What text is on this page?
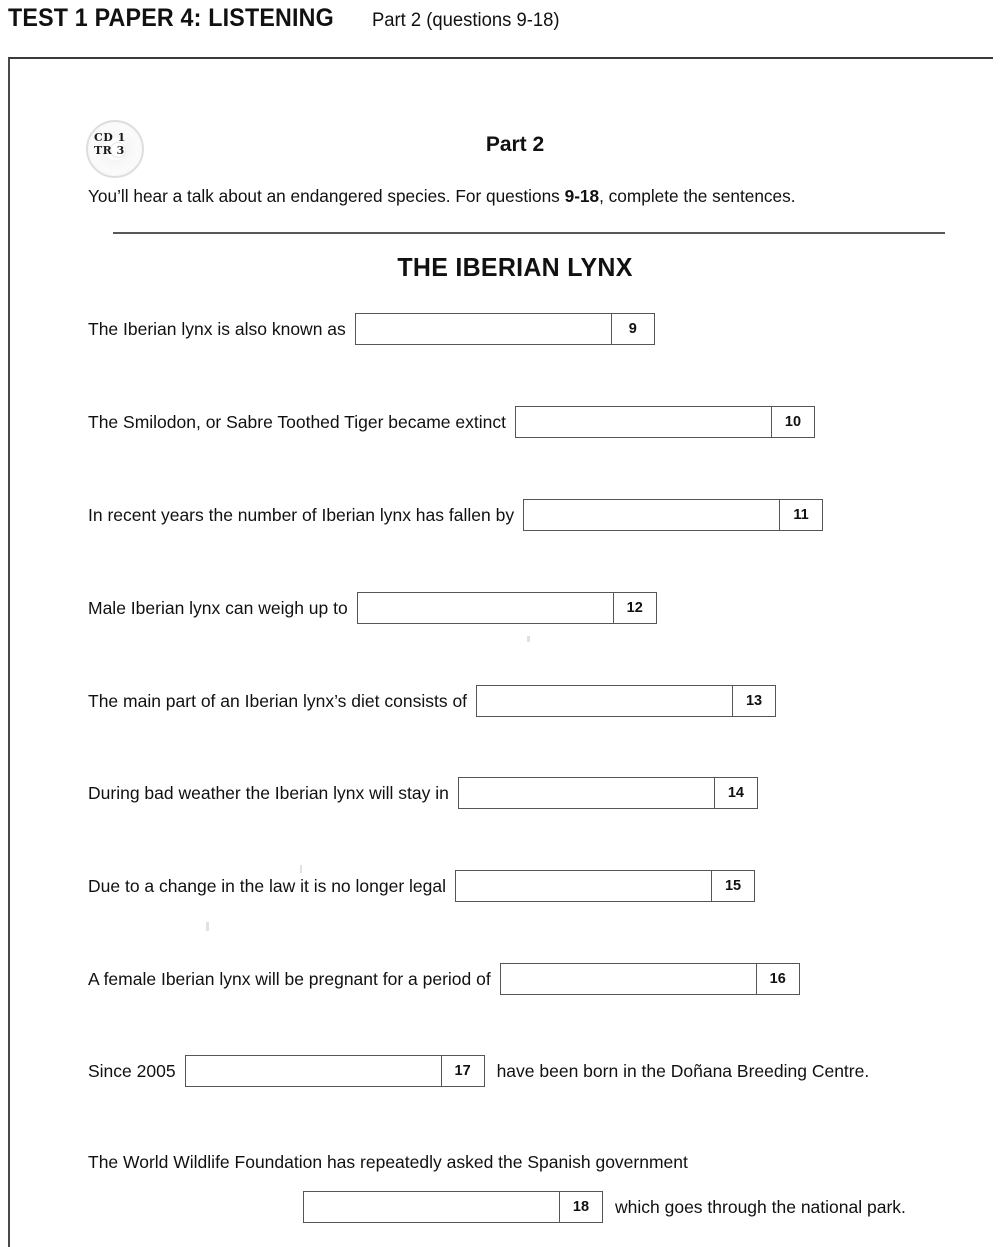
TEST 1 PAPER 4: LISTENING Part 2 (questions 9-18)
CD 1
TR 3	Part 2
You’ll hear a talk about an endangered species. For questions 9-18, complete the sentences.
THE IBERIAN LYNX
The Iberian lynx is also known as	9
The Smilodon, or Sabre Toothed Tiger became extinct	10
In recent years the number of Iberian lynx has fallen by	11
Male Iberian lynx can weigh up to	12
The main part of an Iberian lynx’s diet consists of	13
During bad weather the Iberian lynx will stay in	14
Due to a change in the law it is no longer legal	15
A female Iberian lynx will be pregnant for a period of	16
Since 2005	17	have been born in the Doñana Breeding Centre.
The World Wildlife Foundation has repeatedly asked the Spanish government
18	which goes through the national park.
